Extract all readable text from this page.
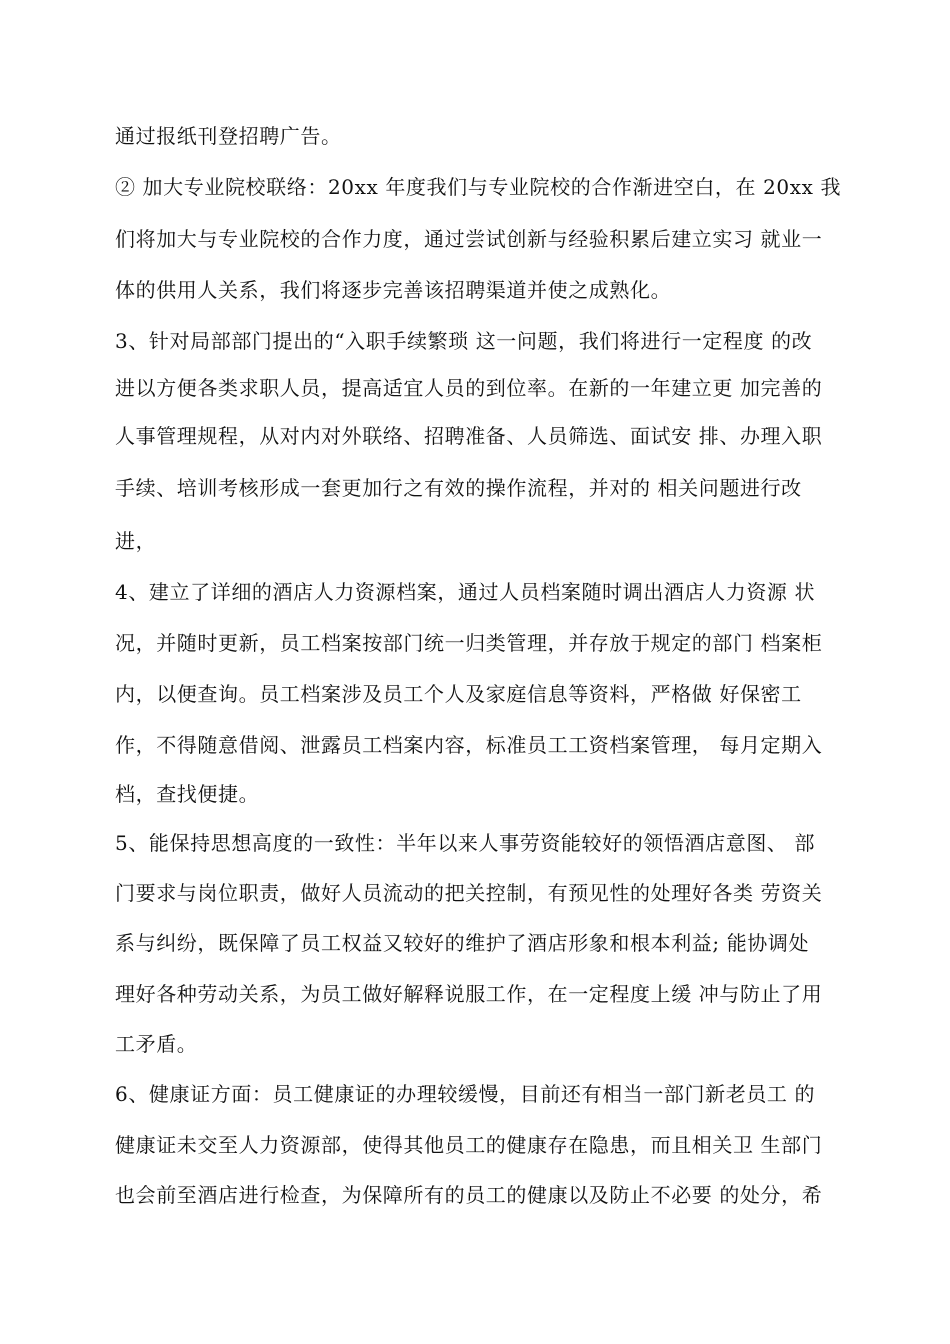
通过报纸刊登招聘广告。
② 加大专业院校联络：20xx 年度我们与专业院校的合作渐进空白，在 20xx 我
们将加大与专业院校的合作力度，通过尝试创新与经验积累后建立实习 就业一
体的供用人关系，我们将逐步完善该招聘渠道并使之成熟化。
3、针对局部部门提出的“入职手续繁琐 这一问题，我们将进行一定程度 的改
进以方便各类求职人员，提高适宜人员的到位率。在新的一年建立更 加完善的
人事管理规程，从对内对外联络、招聘准备、人员筛选、面试安 排、办理入职
手续、培训考核形成一套更加行之有效的操作流程，并对的 相关问题进行改
进，
4、建立了详细的酒店人力资源档案，通过人员档案随时调出酒店人力资源 状
况，并随时更新，员工档案按部门统一归类管理，并存放于规定的部门 档案柜
内，以便查询。员工档案涉及员工个人及家庭信息等资料，严格做 好保密工
作，不得随意借阅、泄露员工档案内容，标准员工工资档案管理， 每月定期入
档，查找便捷。
5、能保持思想高度的一致性：半年以来人事劳资能较好的领悟酒店意图、 部
门要求与岗位职责，做好人员流动的把关控制，有预见性的处理好各类 劳资关
系与纠纷，既保障了员工权益又较好的维护了酒店形象和根本利益; 能协调处
理好各种劳动关系，为员工做好解释说服工作，在一定程度上缓 冲与防止了用
工矛盾。
6、健康证方面：员工健康证的办理较缓慢，目前还有相当一部门新老员工 的
健康证未交至人力资源部，使得其他员工的健康存在隐患，而且相关卫 生部门
也会前至酒店进行检查，为保障所有的员工的健康以及防止不必要 的处分，希
